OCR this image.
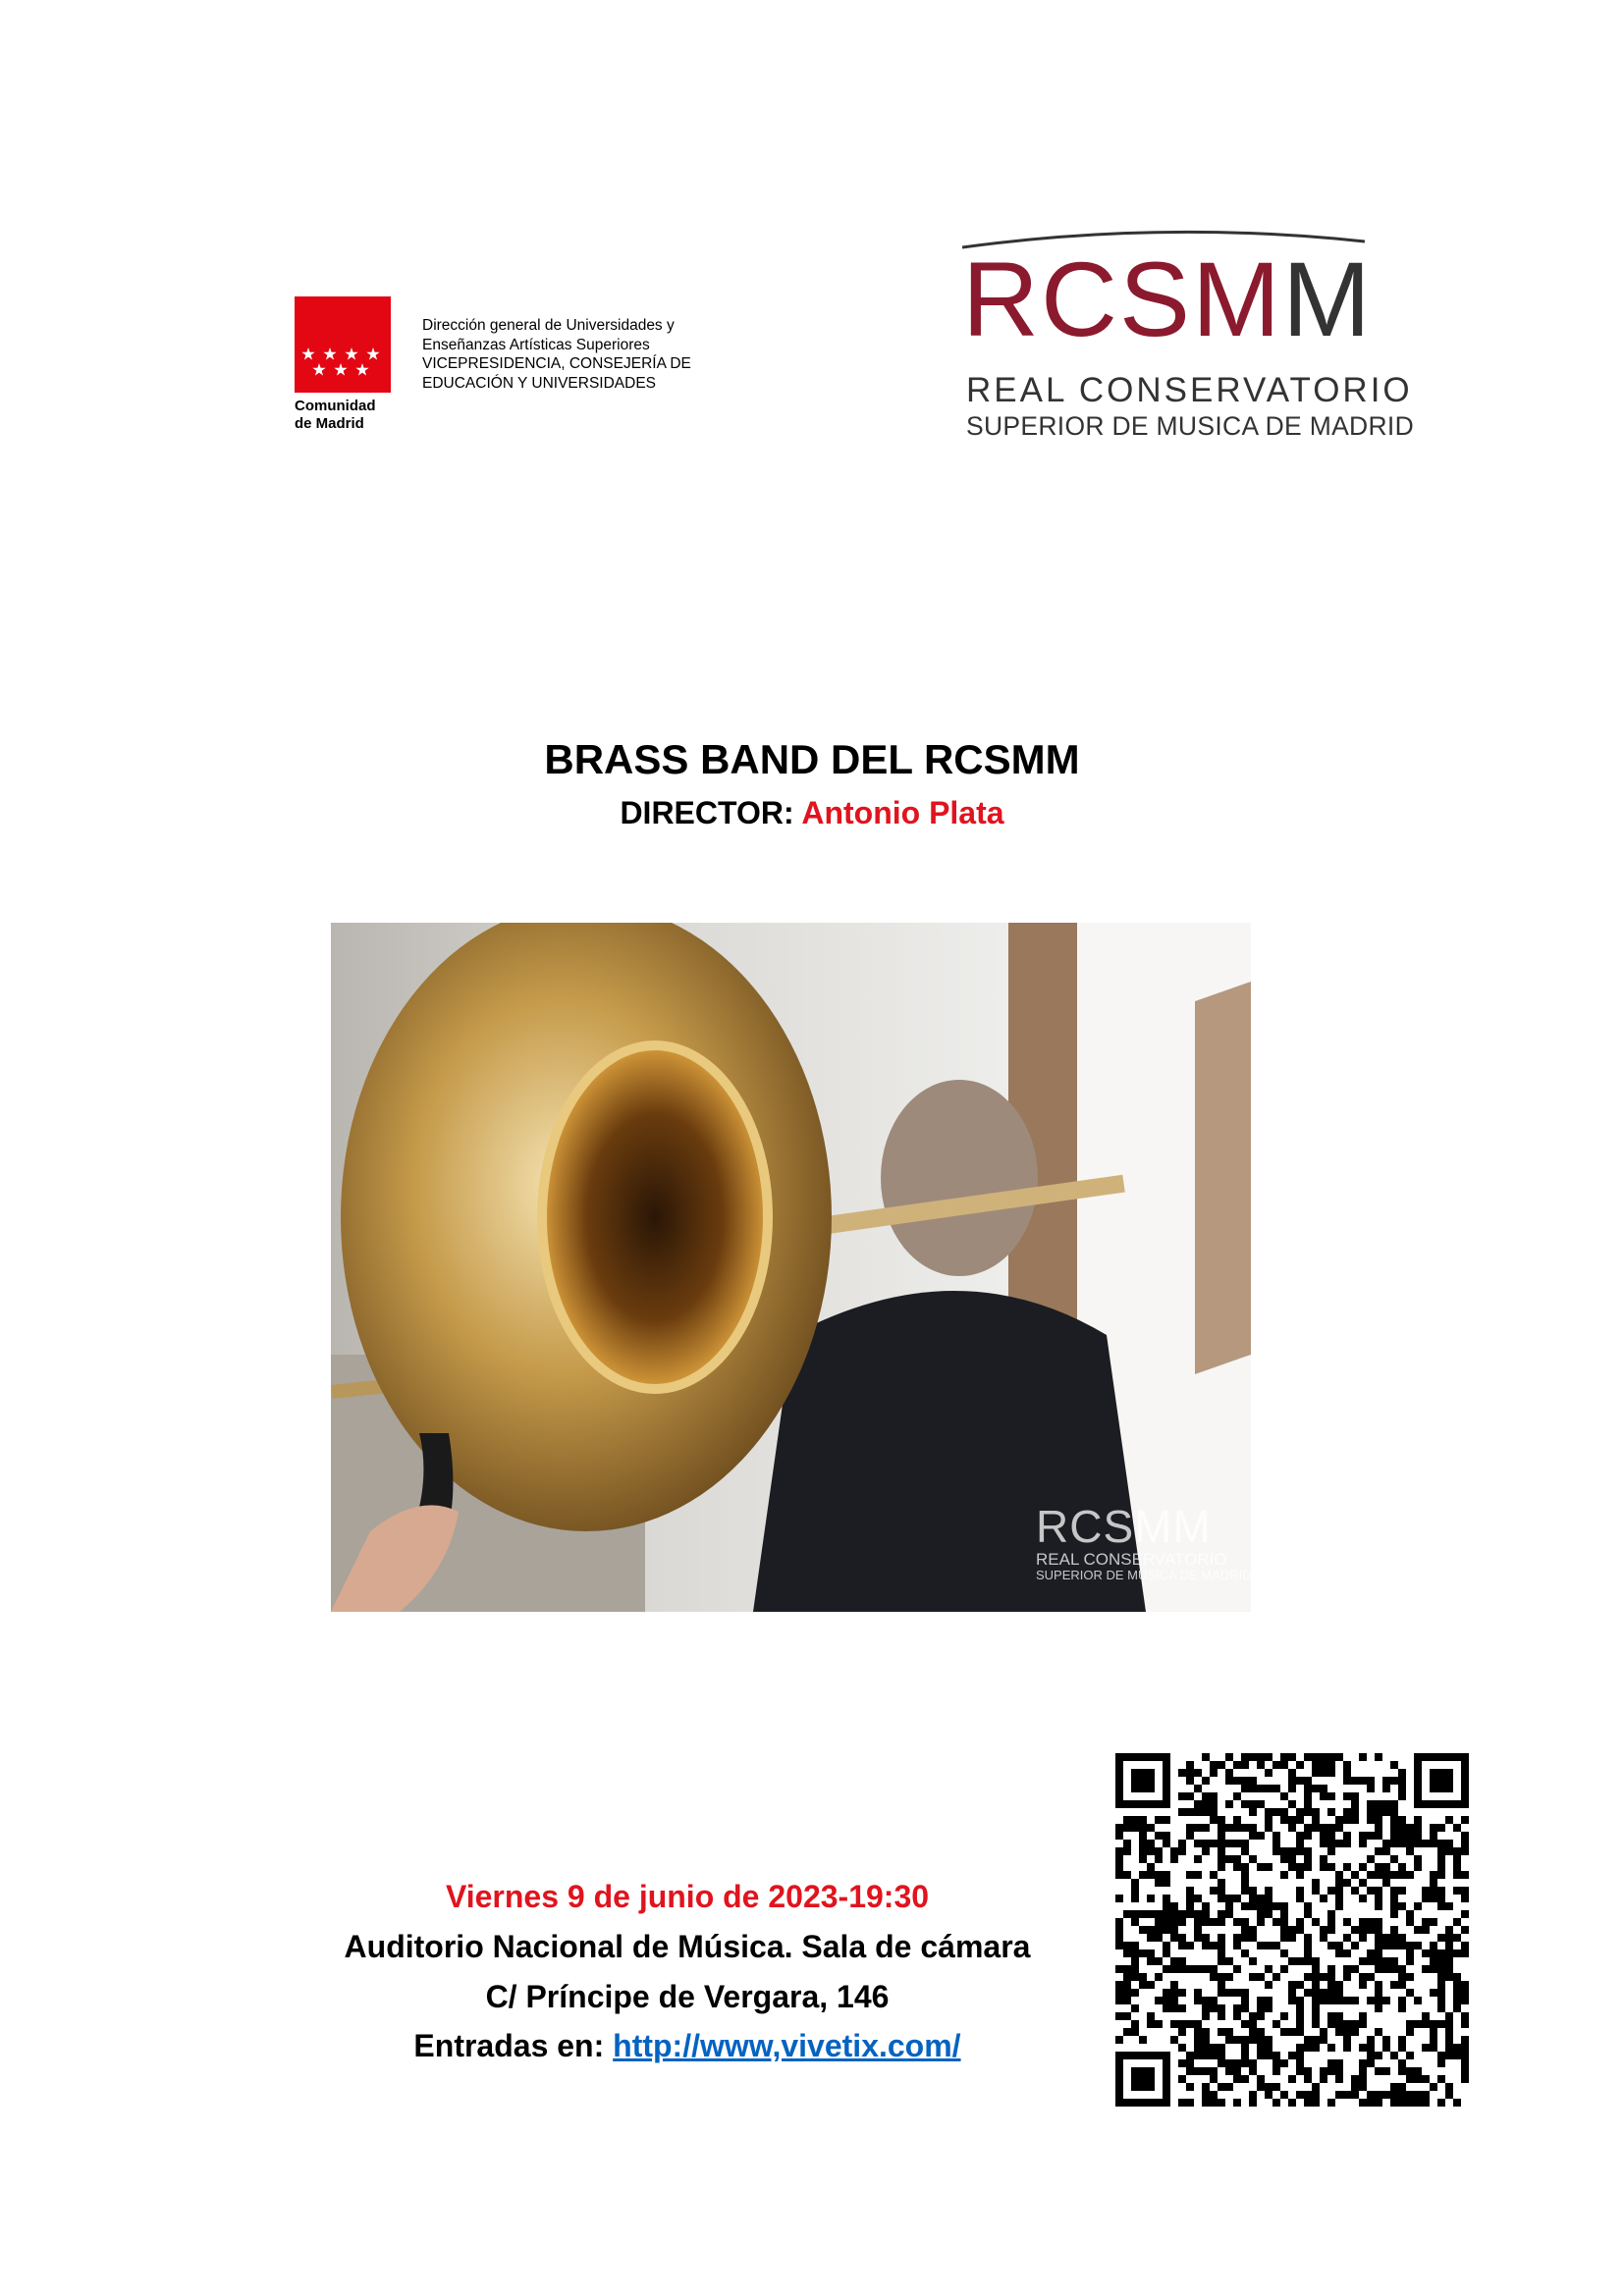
Comunidad
de Madrid
Dirección general de Universidades y
Enseñanzas Artísticas Superiores
VICEPRESIDENCIA, CONSEJERÍA DE
EDUCACIÓN Y UNIVERSIDADES
RCSMM
REAL CONSERVATORIO
SUPERIOR DE MUSICA DE MADRID
BRASS BAND DEL RCSMM
DIRECTOR: Antonio Plata
RCSMM
REAL CONSERVATORIO
SUPERIOR DE MUSICA DE MADRID
Viernes 9 de junio de 2023-19:30
Auditorio Nacional de Música. Sala de cámara
C/ Príncipe de Vergara, 146
Entradas en: http://www,vivetix.com/
